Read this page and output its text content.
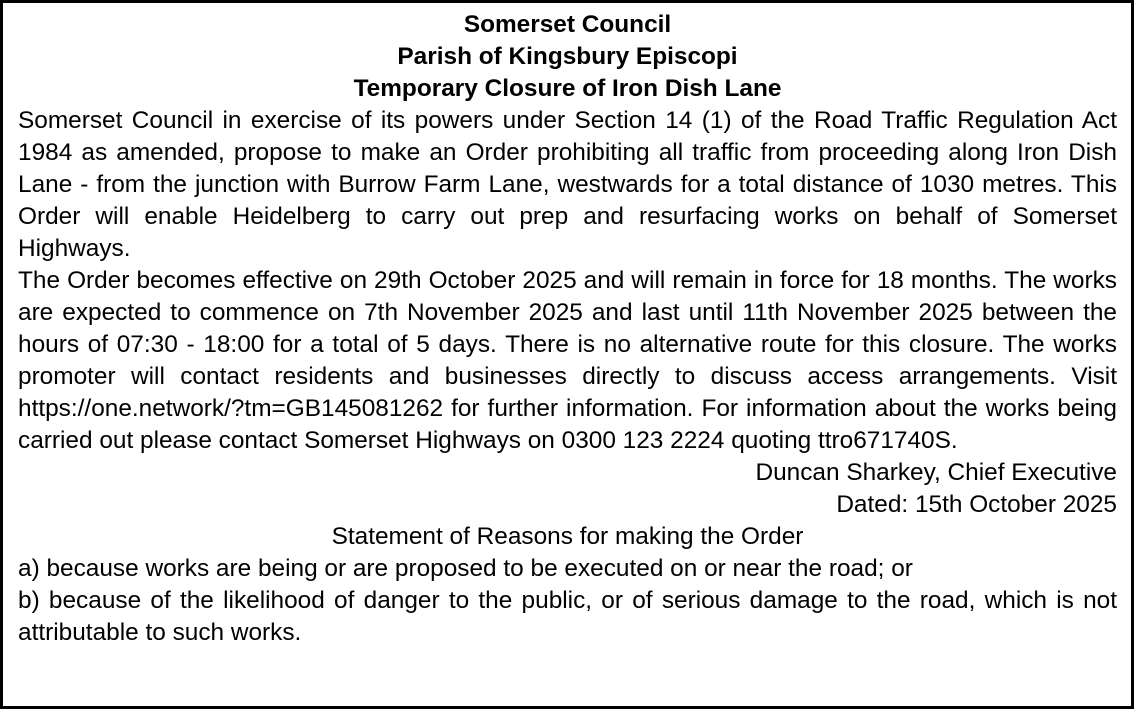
Somerset Council

Parish of Kingsbury Episcopi

Temporary Closure of Iron Dish Lane

Somerset Council in exercise of its powers under Section 14 (1) of the Road Traffic Regulation Act 1984 as amended, propose to make an Order prohibiting all traffic from proceeding along Iron Dish Lane - from the junction with Burrow Farm Lane, westwards for a total distance of 1030 metres. This Order will enable Heidelberg to carry out prep and resurfacing works on behalf of Somerset Highways.

The Order becomes effective on 29th October 2025 and will remain in force for 18 months. The works are expected to commence on 7th November 2025 and last until 11th November 2025 between the hours of 07:30 - 18:00 for a total of 5 days. There is no alternative route for this closure. The works promoter will contact residents and businesses directly to discuss access arrangements. Visit https://one.network/?tm=GB145081262 for further information. For information about the works being carried out please contact Somerset Highways on 0300 123 2224 quoting ttro671740S.

Duncan Sharkey, Chief Executive

Dated: 15th October 2025

Statement of Reasons for making the Order

a) because works are being or are proposed to be executed on or near the road; or

b) because of the likelihood of danger to the public, or of serious damage to the road, which is not attributable to such works.
